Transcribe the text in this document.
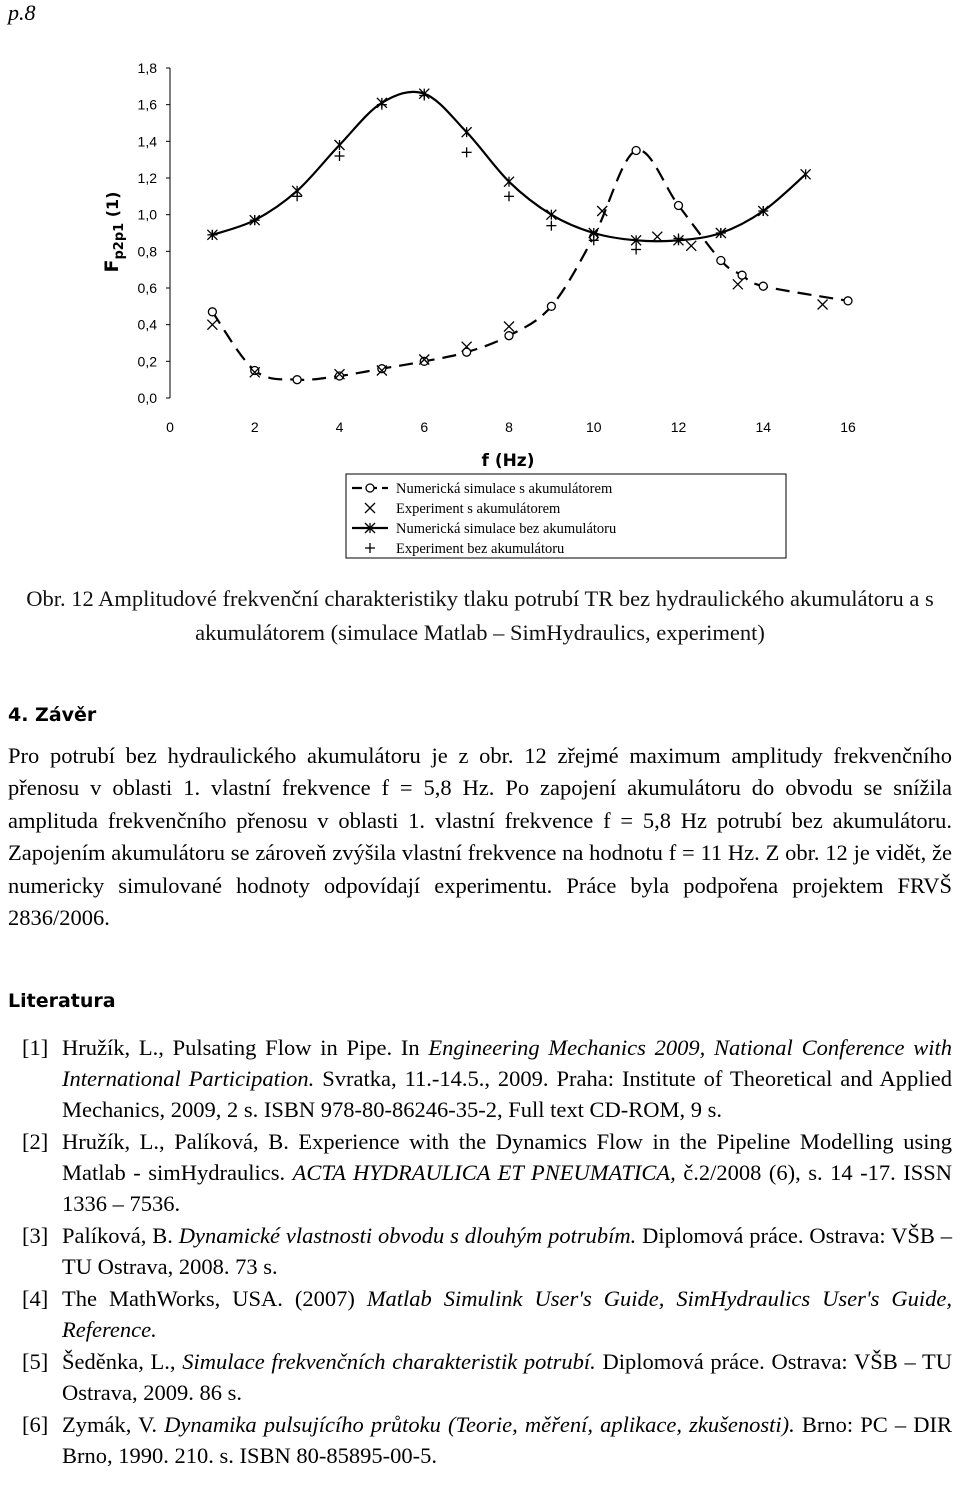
p.8
$F_{p2p1}$ $^{(1)}$
0,0
0,2
0,4
0,6
0,8
1,0
1,2
1,4
1,6
1,8
0	2	4	6	8	10	12	14	16
f (Hz)
Numerická simulace s akumulátorem
Experiment s akumulátorem
Numerická simulace bez akumulátoru
Experiment bez akumulátoru
Obr. 12 Amplitudové frekvenční charakteristiky tlaku potrubí TR bez hydraulického akumulátoru a s akumulátorem (simulace Matlab – SimHydraulics, experiment)
4. Závěr
Pro potrubí bez hydraulického akumulátoru je z obr. 12 zřejmé maximum amplitudy frekvenčního přenosu v oblasti 1. vlastní frekvence f = 5,8 Hz. Po zapojení akumulátoru do obvodu se snížila amplituda frekvenčního přenosu v oblasti 1. vlastní frekvence f = 5,8 Hz potrubí bez akumulátoru. Zapojením akumulátoru se zároveň zvýšila vlastní frekvence na hodnotu f = 11 Hz. Z obr. 12 je vidět, že numericky simulované hodnoty odpovídají experimentu. Práce byla podpořena projektem FRVŠ 2836/2006.
Literatura
[1] Hružík, L., Pulsating Flow in Pipe. In Engineering Mechanics 2009, National Conference with International Participation. Svratka, 11.-14.5., 2009. Praha: Institute of Theoretical and Applied Mechanics, 2009, 2 s. ISBN 978-80-86246-35-2, Full text CD-ROM, 9 s.
[2] Hružík, L., Palíková, B. Experience with the Dynamics Flow in the Pipeline Modelling using Matlab - simHydraulics. ACTA HYDRAULICA ET PNEUMATICA, č.2/2008 (6), s. 14 -17. ISSN 1336 – 7536.
[3] Palíková, B. Dynamické vlastnosti obvodu s dlouhým potrubím. Diplomová práce. Ostrava: VŠB – TU Ostrava, 2008. 73 s.
[4] The MathWorks, USA. (2007) Matlab Simulink User's Guide, SimHydraulics User's Guide, Reference.
[5] Šeděnka, L., Simulace frekvenčních charakteristik potrubí. Diplomová práce. Ostrava: VŠB – TU Ostrava, 2009. 86 s.
[6] Zymák, V. Dynamika pulsujícího průtoku (Teorie, měření, aplikace, zkušenosti). Brno: PC – DIR Brno, 1990. 210. s. ISBN 80-85895-00-5.
